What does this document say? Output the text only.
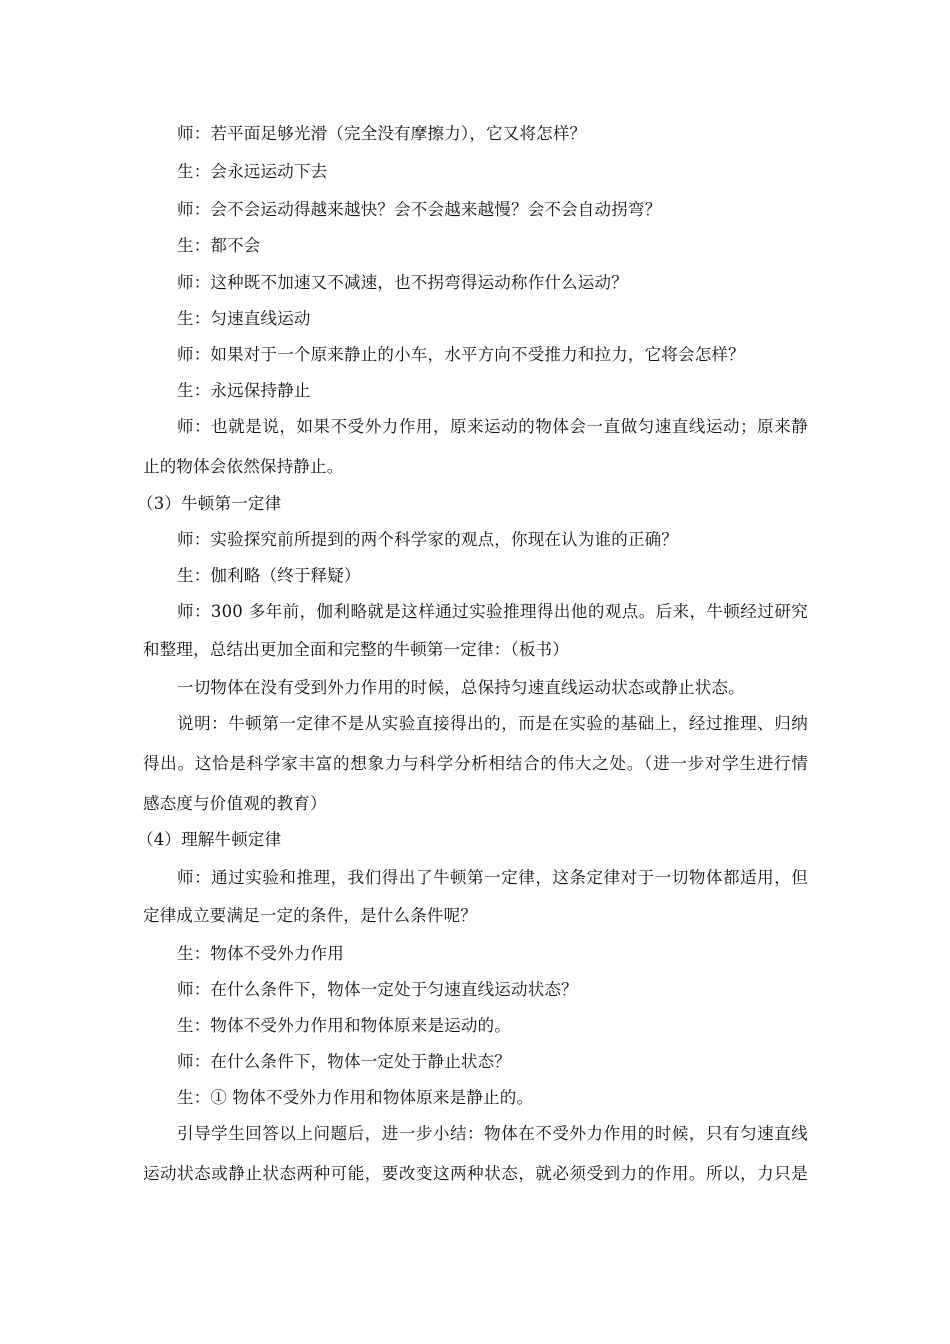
师：若平面足够光滑（完全没有摩擦力），它又将怎样？
生：会永远运动下去
师：会不会运动得越来越快？会不会越来越慢？会不会自动拐弯？
生：都不会
师：这种既不加速又不减速，也不拐弯得运动称作什么运动？
生：匀速直线运动
师：如果对于一个原来静止的小车，水平方向不受推力和拉力，它将会怎样？
生：永远保持静止
师：也就是说，如果不受外力作用，原来运动的物体会一直做匀速直线运动；原来静
止的物体会依然保持静止。
（3）牛顿第一定律
师：实验探究前所提到的两个科学家的观点，你现在认为谁的正确？
生：伽利略（终于释疑）
师：300 多年前，伽利略就是这样通过实验推理得出他的观点。后来，牛顿经过研究
和整理，总结出更加全面和完整的牛顿第一定律：（板书）
一切物体在没有受到外力作用的时候，总保持匀速直线运动状态或静止状态。
说明：牛顿第一定律不是从实验直接得出的，而是在实验的基础上，经过推理、归纳
得出。这恰是科学家丰富的想象力与科学分析相结合的伟大之处。（进一步对学生进行情
感态度与价值观的教育）
（4）理解牛顿定律
师：通过实验和推理，我们得出了牛顿第一定律，这条定律对于一切物体都适用，但
定律成立要满足一定的条件，是什么条件呢？
生：物体不受外力作用
师：在什么条件下，物体一定处于匀速直线运动状态？
生：物体不受外力作用和物体原来是运动的。
师：在什么条件下，物体一定处于静止状态？
生：① 物体不受外力作用和物体原来是静止的。
引导学生回答以上问题后，进一步小结：物体在不受外力作用的时候，只有匀速直线
运动状态或静止状态两种可能，要改变这两种状态，就必须受到力的作用。所以，力只是
